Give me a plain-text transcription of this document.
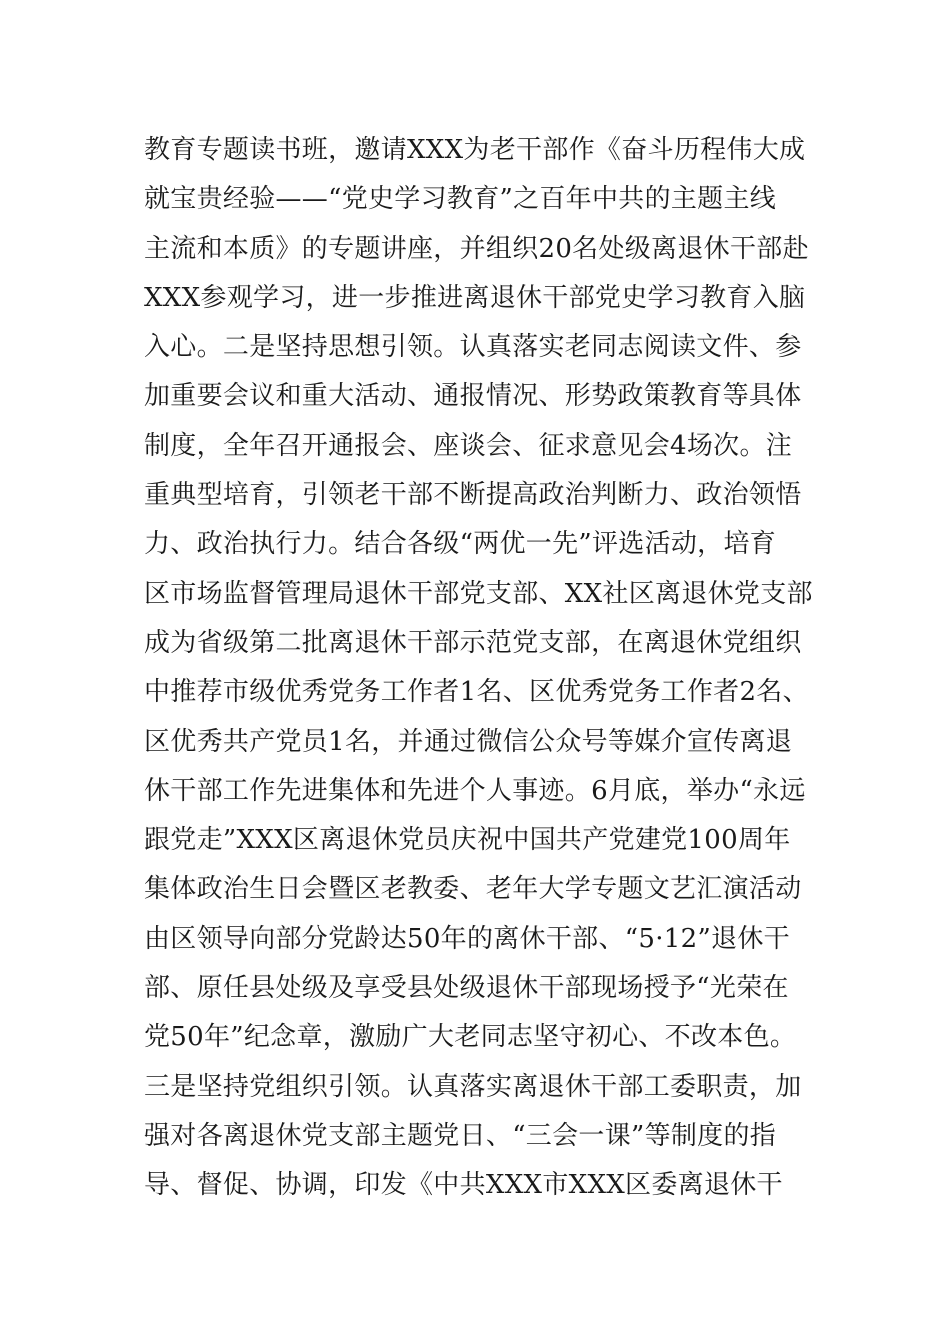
教育专题读书班，邀请XXX为老干部作《奋斗历程伟大成
就宝贵经验——“党史学习教育”之百年中共的主题主线
主流和本质》的专题讲座，并组织20名处级离退休干部赴
XXX参观学习，进一步推进离退休干部党史学习教育入脑
入心。二是坚持思想引领。认真落实老同志阅读文件、参
加重要会议和重大活动、通报情况、形势政策教育等具体
制度，全年召开通报会、座谈会、征求意见会4场次。注
重典型培育，引领老干部不断提高政治判断力、政治领悟
力、政治执行力。结合各级“两优一先”评选活动，培育
区市场监督管理局退休干部党支部、XX社区离退休党支部
成为省级第二批离退休干部示范党支部，在离退休党组织
中推荐市级优秀党务工作者1名、区优秀党务工作者2名、
区优秀共产党员1名，并通过微信公众号等媒介宣传离退
休干部工作先进集体和先进个人事迹。6月底，举办“永远
跟党走”XXX区离退休党员庆祝中国共产党建党100周年
集体政治生日会暨区老教委、老年大学专题文艺汇演活动
由区领导向部分党龄达50年的离休干部、“5·12”退休干
部、原任县处级及享受县处级退休干部现场授予“光荣在
党50年”纪念章，激励广大老同志坚守初心、不改本色。
三是坚持党组织引领。认真落实离退休干部工委职责，加
强对各离退休党支部主题党日、“三会一课”等制度的指
导、督促、协调，印发《中共XXX市XXX区委离退休干
